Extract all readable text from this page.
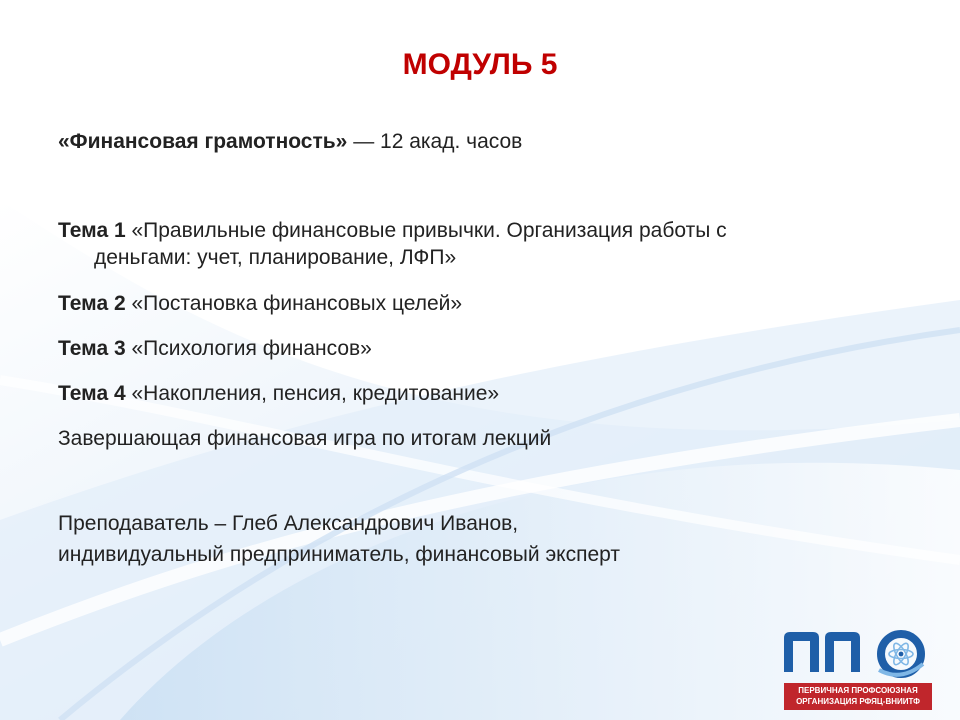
МОДУЛЬ 5
«Финансовая грамотность» — 12 акад. часов
Тема 1 «Правильные финансовые привычки. Организация работы с
деньгами: учет, планирование, ЛФП»
Тема 2 «Постановка финансовых целей»
Тема 3 «Психология финансов»
Тема 4 «Накопления, пенсия, кредитование»
Завершающая финансовая игра по итогам лекций
Преподаватель – Глеб Александрович Иванов,
индивидуальный предприниматель, финансовый эксперт
ПЕРВИЧНАЯ ПРОФСОЮЗНАЯ
ОРГАНИЗАЦИЯ РФЯЦ-ВНИИТФ
